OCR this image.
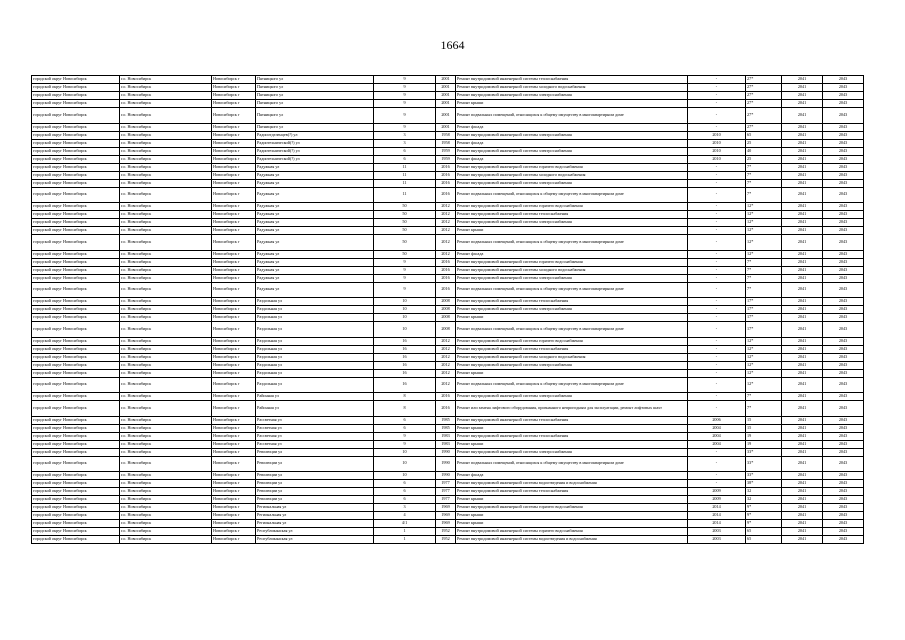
1664
городской округ Новосибирск	г.о. Новосибирск	Новосибирск г	Пятницкого ул	9	2001	Ремонт внутридомовой инженерной системы теплоснабжения	-	27*	2041	2043
городской округ Новосибирск	г.о. Новосибирск	Новосибирск г	Пятницкого ул	9	2001	Ремонт внутридомовой инженерной системы холодного водоснабжения	-	27*	2041	2043
городской округ Новосибирск	г.о. Новосибирск	Новосибирск г	Пятницкого ул	9	2001	Ремонт внутридомовой инженерной системы электроснабжения	-	27*	2041	2043
городской округ Новосибирск	г.о. Новосибирск	Новосибирск г	Пятницкого ул	9	2001	Ремонт крыши	-	27*	2041	2043
городской округ Новосибирск	г.о. Новосибирск	Новосибирск г	Пятницкого ул	9	2001	Ремонт подвальных помещений, относящихся к общему имуществу в многоквартирном доме	-	27*	2041	2043
городской округ Новосибирск	г.о. Новосибирск	Новосибирск г	Пятницкого ул	9	2001	Ремонт фасада	-	27*	2041	2043
городской округ Новосибирск	г.о. Новосибирск	Новосибирск г	Радиоотделенцев(?) ул	3	1958	Ремонт внутридомовой инженерной системы электроснабжения	2010	65	2041	2043
городской округ Новосибирск	г.о. Новосибирск	Новосибирск г	Радиотехнической(?) ул	3	1958	Ремонт фасада	2010	25	2041	2043
городской округ Новосибирск	г.о. Новосибирск	Новосибирск г	Радиотехнической(?) ул	6	1959	Ремонт внутридомовой инженерной системы электроснабжения	2010	40	2041	2043
городской округ Новосибирск	г.о. Новосибирск	Новосибирск г	Радиотехнической(?) ул	6	1959	Ремонт фасада	2010	25	2041	2043
городской округ Новосибирск	г.о. Новосибирск	Новосибирск г	Радужная ул	11	2016	Ремонт внутридомовой инженерной системы горячего водоснабжения	-	7*	2041	2043
городской округ Новосибирск	г.о. Новосибирск	Новосибирск г	Радужная ул	11	2016	Ремонт внутридомовой инженерной системы холодного водоснабжения	-	7*	2041	2043
городской округ Новосибирск	г.о. Новосибирск	Новосибирск г	Радужная ул	11	2016	Ремонт внутридомовой инженерной системы электроснабжения	-	7*	2041	2043
городской округ Новосибирск	г.о. Новосибирск	Новосибирск г	Радужная ул	11	2016	Ремонт подвальных помещений, относящихся к общему имуществу в многоквартирном доме	-	7*	2041	2043
городской округ Новосибирск	г.о. Новосибирск	Новосибирск г	Радужная ул	50	2012	Ремонт внутридомовой инженерной системы горячего водоснабжения	-	12*	2041	2043
городской округ Новосибирск	г.о. Новосибирск	Новосибирск г	Радужная ул	50	2012	Ремонт внутридомовой инженерной системы теплоснабжения	-	12*	2041	2043
городской округ Новосибирск	г.о. Новосибирск	Новосибирск г	Радужная ул	50	2012	Ремонт внутридомовой инженерной системы электроснабжения	-	12*	2041	2043
городской округ Новосибирск	г.о. Новосибирск	Новосибирск г	Радужная ул	50	2012	Ремонт крыши	-	12*	2041	2043
городской округ Новосибирск	г.о. Новосибирск	Новосибирск г	Радужная ул	50	2012	Ремонт подвальных помещений, относящихся к общему имуществу в многоквартирном доме	-	12*	2041	2043
городской округ Новосибирск	г.о. Новосибирск	Новосибирск г	Радужная ул	50	2012	Ремонт фасада	-	12*	2041	2043
городской округ Новосибирск	г.о. Новосибирск	Новосибирск г	Радужная ул	9	2016	Ремонт внутридомовой инженерной системы горячего водоснабжения	-	7*	2041	2043
городской округ Новосибирск	г.о. Новосибирск	Новосибирск г	Радужная ул	9	2016	Ремонт внутридомовой инженерной системы холодного водоснабжения	-	7*	2041	2043
городской округ Новосибирск	г.о. Новосибирск	Новосибирск г	Радужная ул	9	2016	Ремонт внутридомовой инженерной системы электроснабжения	-	7*	2041	2043
городской округ Новосибирск	г.о. Новосибирск	Новосибирск г	Радужная ул	9	2016	Ремонт подвальных помещений, относящихся к общему имуществу в многоквартирном доме	-	7*	2041	2043
городской округ Новосибирск	г.о. Новосибирск	Новосибирск г	Раздольная ул	10	2008	Ремонт внутридомовой инженерной системы теплоснабжения	-	17*	2041	2043
городской округ Новосибирск	г.о. Новосибирск	Новосибирск г	Раздольная ул	10	2008	Ремонт внутридомовой инженерной системы электроснабжения	-	17*	2041	2043
городской округ Новосибирск	г.о. Новосибирск	Новосибирск г	Раздольная ул	10	2008	Ремонт крыши	-	17*	2041	2043
городской округ Новосибирск	г.о. Новосибирск	Новосибирск г	Раздольная ул	10	2008	Ремонт подвальных помещений, относящихся к общему имуществу в многоквартирном доме	-	17*	2041	2043
городской округ Новосибирск	г.о. Новосибирск	Новосибирск г	Раздольная ул	16	2012	Ремонт внутридомовой инженерной системы горячего водоснабжения	-	12*	2041	2043
городской округ Новосибирск	г.о. Новосибирск	Новосибирск г	Раздольная ул	16	2012	Ремонт внутридомовой инженерной системы теплоснабжения	-	12*	2041	2043
городской округ Новосибирск	г.о. Новосибирск	Новосибирск г	Раздольная ул	16	2012	Ремонт внутридомовой инженерной системы холодного водоснабжения	-	12*	2041	2043
городской округ Новосибирск	г.о. Новосибирск	Новосибирск г	Раздольная ул	16	2012	Ремонт внутридомовой инженерной системы электроснабжения	-	12*	2041	2043
городской округ Новосибирск	г.о. Новосибирск	Новосибирск г	Раздольная ул	16	2012	Ремонт крыши	-	12*	2041	2043
городской округ Новосибирск	г.о. Новосибирск	Новосибирск г	Раздольная ул	16	2012	Ремонт подвальных помещений, относящихся к общему имуществу в многоквартирном доме	-	12*	2041	2043
городской округ Новосибирск	г.о. Новосибирск	Новосибирск г	Районная ул	8	2016	Ремонт внутридомовой инженерной системы электроснабжения	-	7*	2041	2043
городской округ Новосибирск	г.о. Новосибирск	Новосибирск г	Районная ул	8	2016	Ремонт или замена лифтового оборудования, признанного непригодным для эксплуатации, ремонт лифтовых шахт	-	7*	2041	2043
городской округ Новосибирск	г.о. Новосибирск	Новосибирск г	Рассветная ул	6	1985	Ремонт внутридомовой инженерной системы теплоснабжения	2006	15	2041	2043
городской округ Новосибирск	г.о. Новосибирск	Новосибирск г	Рассветная ул	6	1985	Ремонт крыши	2004	15	2041	2043
городской округ Новосибирск	г.о. Новосибирск	Новосибирск г	Рассветная ул	9	1983	Ремонт внутридомовой инженерной системы теплоснабжения	2004	19	2041	2043
городской округ Новосибирск	г.о. Новосибирск	Новосибирск г	Рассветная ул	9	1983	Ремонт крыши	2004	19	2041	2043
городской округ Новосибирск	г.о. Новосибирск	Новосибирск г	Революции ул	10	1990	Ремонт внутридомовой инженерной системы электроснабжения	-	33*	2041	2043
городской округ Новосибирск	г.о. Новосибирск	Новосибирск г	Революции ул	10	1990	Ремонт подвальных помещений, относящихся к общему имуществу в многоквартирном доме	-	33*	2041	2043
городской округ Новосибирск	г.о. Новосибирск	Новосибирск г	Революции ул	10	1990	Ремонт фасада	-	33*	2041	2043
городской округ Новосибирск	г.о. Новосибирск	Новосибирск г	Революции ул	6	1977	Ремонт внутридомовой инженерной системы водоотведения и водоснабжения	-	38*	2041	2043
городской округ Новосибирск	г.о. Новосибирск	Новосибирск г	Революции ул	6	1977	Ремонт внутридомовой инженерной системы теплоснабжения	2009	32	2041	2043
городской округ Новосибирск	г.о. Новосибирск	Новосибирск г	Революции ул	6	1977	Ремонт крыши	2009	32	2041	2043
городской округ Новосибирск	г.о. Новосибирск	Новосибирск г	Региональная ул	3	1969	Ремонт внутридомовой инженерной системы горячего водоснабжения	2014	9*	2041	2043
городской округ Новосибирск	г.о. Новосибирск	Новосибирск г	Региональная ул	4	1969	Ремонт крыши	2014	9*	2041	2043
городской округ Новосибирск	г.о. Новосибирск	Новосибирск г	Региональная ул	4/1	1969	Ремонт крыши	2014	9*	2041	2043
городской округ Новосибирск	г.о. Новосибирск	Новосибирск г	Республиканская ул	1	1952	Ремонт внутридомовой инженерной системы горячего водоснабжения	2003	65	2041	2043
городской округ Новосибирск	г.о. Новосибирск	Новосибирск г	Республиканская ул	1	1952	Ремонт внутридомовой инженерной системы водоотведения и водоснабжения	2003	65	2041	2043
